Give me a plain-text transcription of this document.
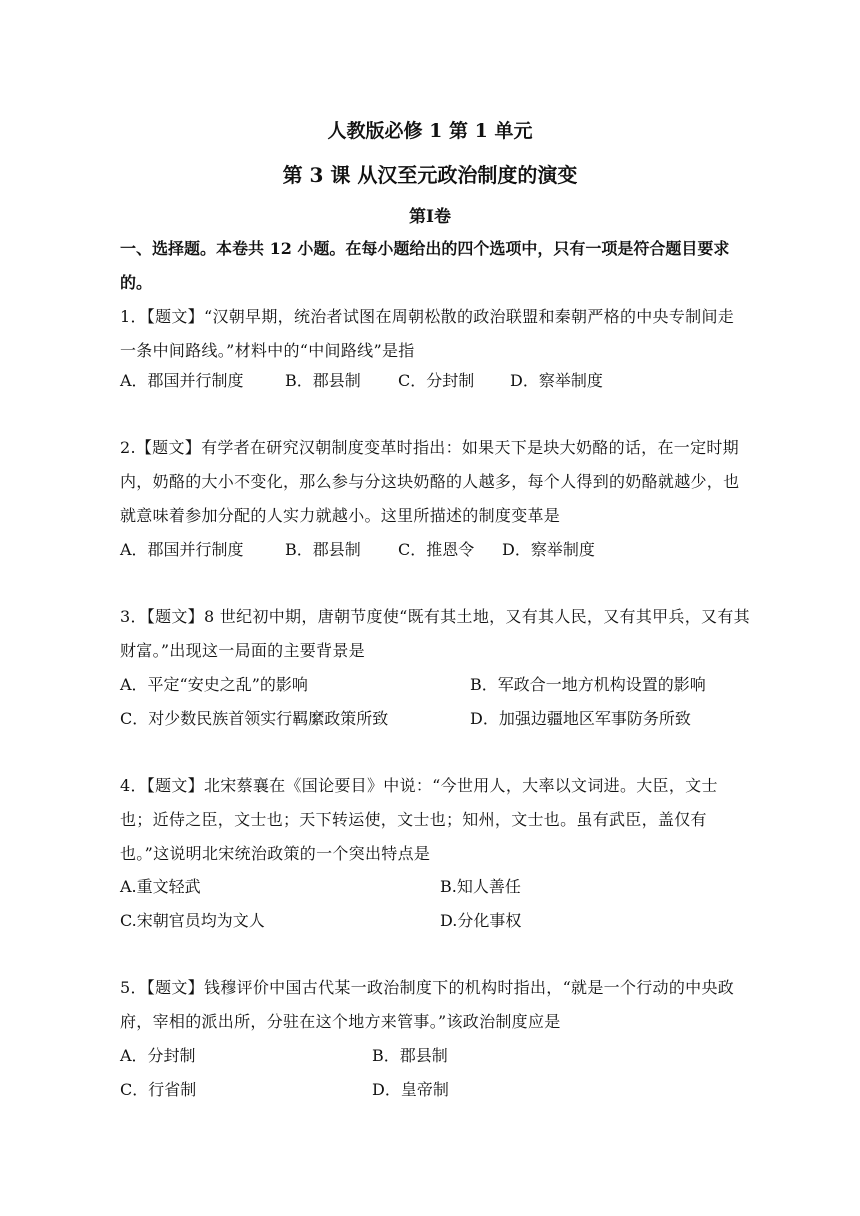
人教版必修 1 第 1 单元
第 3 课 从汉至元政治制度的演变
第Ⅰ卷
一、选择题。本卷共 12 小题。在每小题给出的四个选项中，只有一项是符合题目要求的。
1．【题文】“汉朝早期，统治者试图在周朝松散的政治联盟和秦朝严格的中央专制间走一条中间路线。”材料中的“中间路线”是指
A．郡国并行制度	B．郡县制 C．分封制 D．察举制度
2.【题文】有学者在研究汉朝制度变革时指出：如果天下是块大奶酪的话，在一定时期内，奶酪的大小不变化，那么参与分这块奶酪的人越多，每个人得到的奶酪就越少，也就意味着参加分配的人实力就越小。这里所描述的制度变革是
A．郡国并行制度	B．郡县制 C．推恩令 D．察举制度
3．【题文】8 世纪初中期，唐朝节度使“既有其土地，又有其人民，又有其甲兵，又有其财富。”出现这一局面的主要背景是
A．平定“安史之乱”的影响	B．军政合一地方机构设置的影响
C．对少数民族首领实行羁縻政策所致	D．加强边疆地区军事防务所致
4．【题文】北宋蔡襄在《国论要目》中说：“今世用人，大率以文词进。大臣，文士也；近侍之臣，文士也；天下转运使，文士也；知州，文士也。虽有武臣，盖仅有也。”这说明北宋统治政策的一个突出特点是
A.重文轻武	B.知人善任
C.宋朝官员均为文人	D.分化事权
5．【题文】钱穆评价中国古代某一政治制度下的机构时指出，“就是一个行动的中央政府，宰相的派出所，分驻在这个地方来管事。”该政治制度应是
A．分封制	B．郡县制
C．行省制	D．皇帝制
